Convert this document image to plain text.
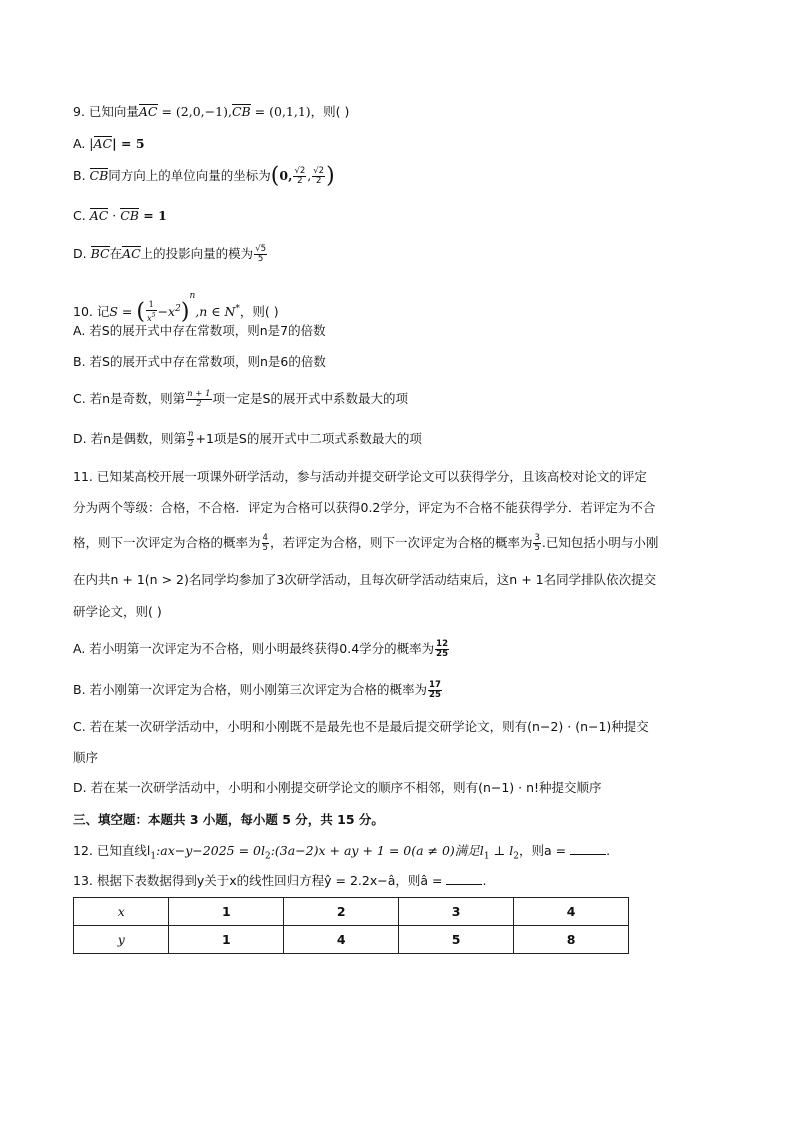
9. 已知向量AC = (2,0,−1),CB = (0,1,1)，则( )
A. |AC| = 5
B. CB同方向上的单位向量的坐标为(0, $\frac{√2}{2}$ , $\frac{√2}{2}$ )
C. AC · CB = 1
D. BC在AC上的投影向量的模为 $\frac{√5}{5}$
10. 记S = ( $\frac{1}{x^5} -x^2)^n,n$ ∈ N*，则( )
A. 若S的展开式中存在常数项，则n是7的倍数
B. 若S的展开式中存在常数项，则n是6的倍数
C. 若n是奇数，则第 $\frac{n + 1}{2}$ 项一定是S的展开式中系数最大的项
D. 若n是偶数，则第 $\frac{n}{2} +1$项是S的展开式中二项式系数最大的项
11. 已知某高校开展一项课外研学活动，参与活动并提交研学论文可以获得学分，且该高校对论文的评定
分为两个等级：合格，不合格．评定为合格可以获得0.2学分，评定为不合格不能获得学分．若评定为不合
格，则下一次评定为合格的概率为 $\frac{4}{5}$ ，若评定为合格，则下一次评定为合格的概率为 $\frac{3}{5}$ .已知包括小明与小刚
在内共n + 1(n > 2)名同学均参加了3次研学活动，且每次研学活动结束后，这n + 1名同学排队依次提交
研学论文，则( )
A. 若小明第一次评定为不合格，则小明最终获得0.4学分的概率为 $\frac{12}{25}$
B. 若小刚第一次评定为合格，则小刚第三次评定为合格的概率为 $\frac{17}{25}$
C. 若在某一次研学活动中，小明和小刚既不是最先也不是最后提交研学论文，则有(n−2) · (n−1)种提交
顺序
D. 若在某一次研学活动中，小明和小刚提交研学论文的顺序不相邻，则有(n−1) · n!种提交顺序
三、填空题：本题共 3 小题，每小题 5 分，共 15 分。
12. 已知直线$l_1:ax-y-2025$ = $0l_2:(3a-2)x$ + ay + 1 = 0(a ≠ 0)满足$l_1$ ⊥ $l_2$，则a =	.
13. 根据下表数据得到y关于x的线性回归方程ŷ = 2.2x−â，则â =	.
x	1	2	3	4
y	1	4	5	8
